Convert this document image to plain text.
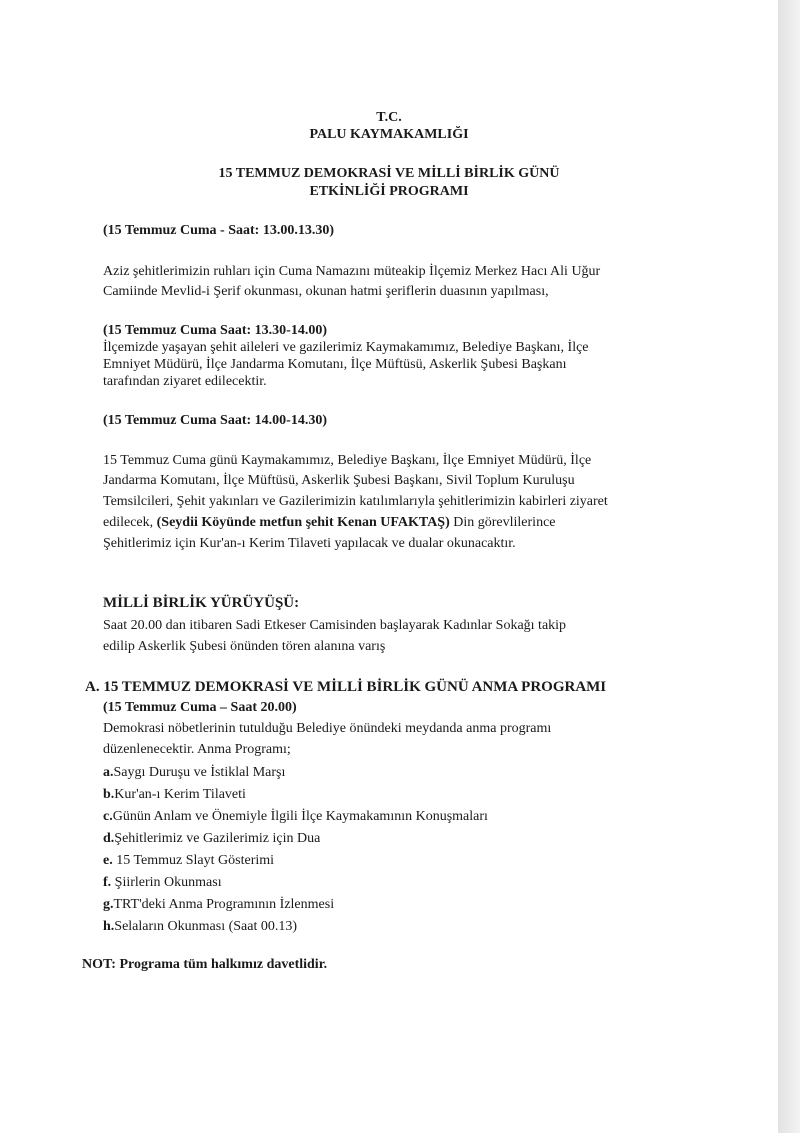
T.C.
PALU KAYMAKAMLIĞI
15 TEMMUZ DEMOKRASİ VE MİLLİ BİRLİK GÜNÜ
ETKİNLİĞİ PROGRAMI
(15 Temmuz Cuma - Saat: 13.00.13.30)
Aziz şehitlerimizin ruhları için Cuma Namazını müteakip İlçemiz Merkez Hacı Ali Uğur
Camiinde Mevlid-i Şerif okunması, okunan hatmi şeriflerin duasının yapılması,
(15 Temmuz Cuma Saat: 13.30-14.00)
İlçemizde yaşayan şehit aileleri ve gazilerimiz Kaymakamımız, Belediye Başkanı, İlçe
Emniyet Müdürü, İlçe Jandarma Komutanı, İlçe Müftüsü, Askerlik Şubesi Başkanı
tarafından ziyaret edilecektir.
(15 Temmuz Cuma Saat: 14.00-14.30)
15 Temmuz Cuma günü Kaymakamımız, Belediye Başkanı, İlçe Emniyet Müdürü, İlçe
Jandarma Komutanı, İlçe Müftüsü, Askerlik Şubesi Başkanı, Sivil Toplum Kuruluşu
Temsilcileri, Şehit yakınları ve Gazilerimizin katılımlarıyla şehitlerimizin kabirleri ziyaret
edilecek, (Seydii Köyünde metfun şehit Kenan UFAKTAŞ) Din görevlilerince
Şehitlerimiz için Kur'an-ı Kerim Tilaveti yapılacak ve dualar okunacaktır.
MİLLİ BİRLİK YÜRÜYÜŞÜ:
Saat 20.00 dan itibaren Sadi Etkeser Camisinden başlayarak Kadınlar Sokağı takip
edilip Askerlik Şubesi önünden tören alanına varış
A. 15 TEMMUZ DEMOKRASİ VE MİLLİ BİRLİK GÜNÜ ANMA PROGRAMI
(15 Temmuz Cuma – Saat 20.00)
Demokrasi nöbetlerinin tutulduğu Belediye önündeki meydanda anma programı
düzenlenecektir. Anma Programı;
a.Saygı Duruşu ve İstiklal Marşı
b.Kur'an-ı Kerim Tilaveti
c.Günün Anlam ve Önemiyle İlgili İlçe Kaymakamının Konuşmaları
d.Şehitlerimiz ve Gazilerimiz için Dua
e. 15 Temmuz Slayt Gösterimi
f. Şiirlerin Okunması
g.TRT'deki Anma Programının İzlenmesi
h.Selaların Okunması (Saat 00.13)
NOT: Programa tüm halkımız davetlidir.
